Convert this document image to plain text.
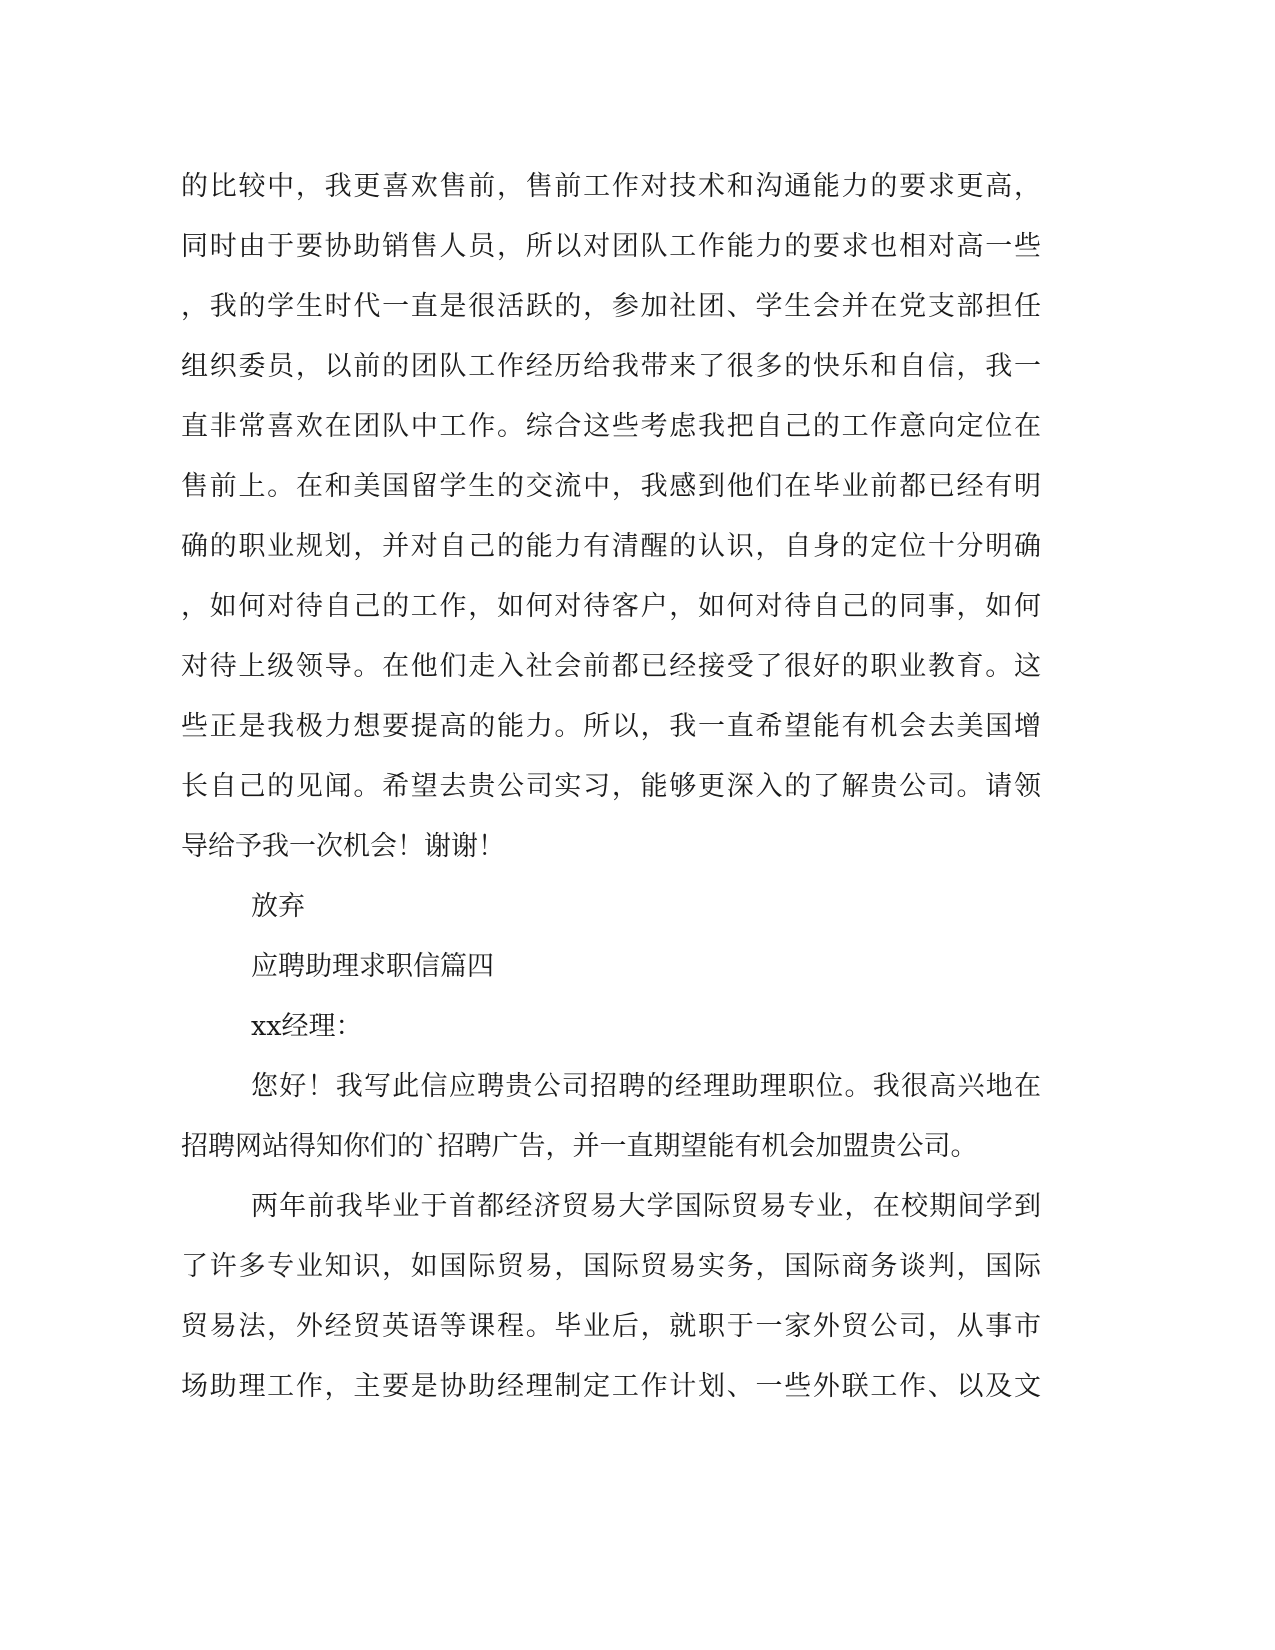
的比较中，我更喜欢售前，售前工作对技术和沟通能力的要求更高，
同时由于要协助销售人员，所以对团队工作能力的要求也相对高一些
，我的学生时代一直是很活跃的，参加社团、学生会并在党支部担任
组织委员，以前的团队工作经历给我带来了很多的快乐和自信，我一
直非常喜欢在团队中工作。综合这些考虑我把自己的工作意向定位在
售前上。在和美国留学生的交流中，我感到他们在毕业前都已经有明
确的职业规划，并对自己的能力有清醒的认识，自身的定位十分明确
，如何对待自己的工作，如何对待客户，如何对待自己的同事，如何
对待上级领导。在他们走入社会前都已经接受了很好的职业教育。这
些正是我极力想要提高的能力。所以，我一直希望能有机会去美国增
长自己的见闻。希望去贵公司实习，能够更深入的了解贵公司。请领
导给予我一次机会！谢谢！
放弃
应聘助理求职信篇四
xx经理：
您好！我写此信应聘贵公司招聘的经理助理职位。我很高兴地在
招聘网站得知你们的`招聘广告，并一直期望能有机会加盟贵公司。
两年前我毕业于首都经济贸易大学国际贸易专业，在校期间学到
了许多专业知识，如国际贸易，国际贸易实务，国际商务谈判，国际
贸易法，外经贸英语等课程。毕业后，就职于一家外贸公司，从事市
场助理工作，主要是协助经理制定工作计划、一些外联工作、以及文
